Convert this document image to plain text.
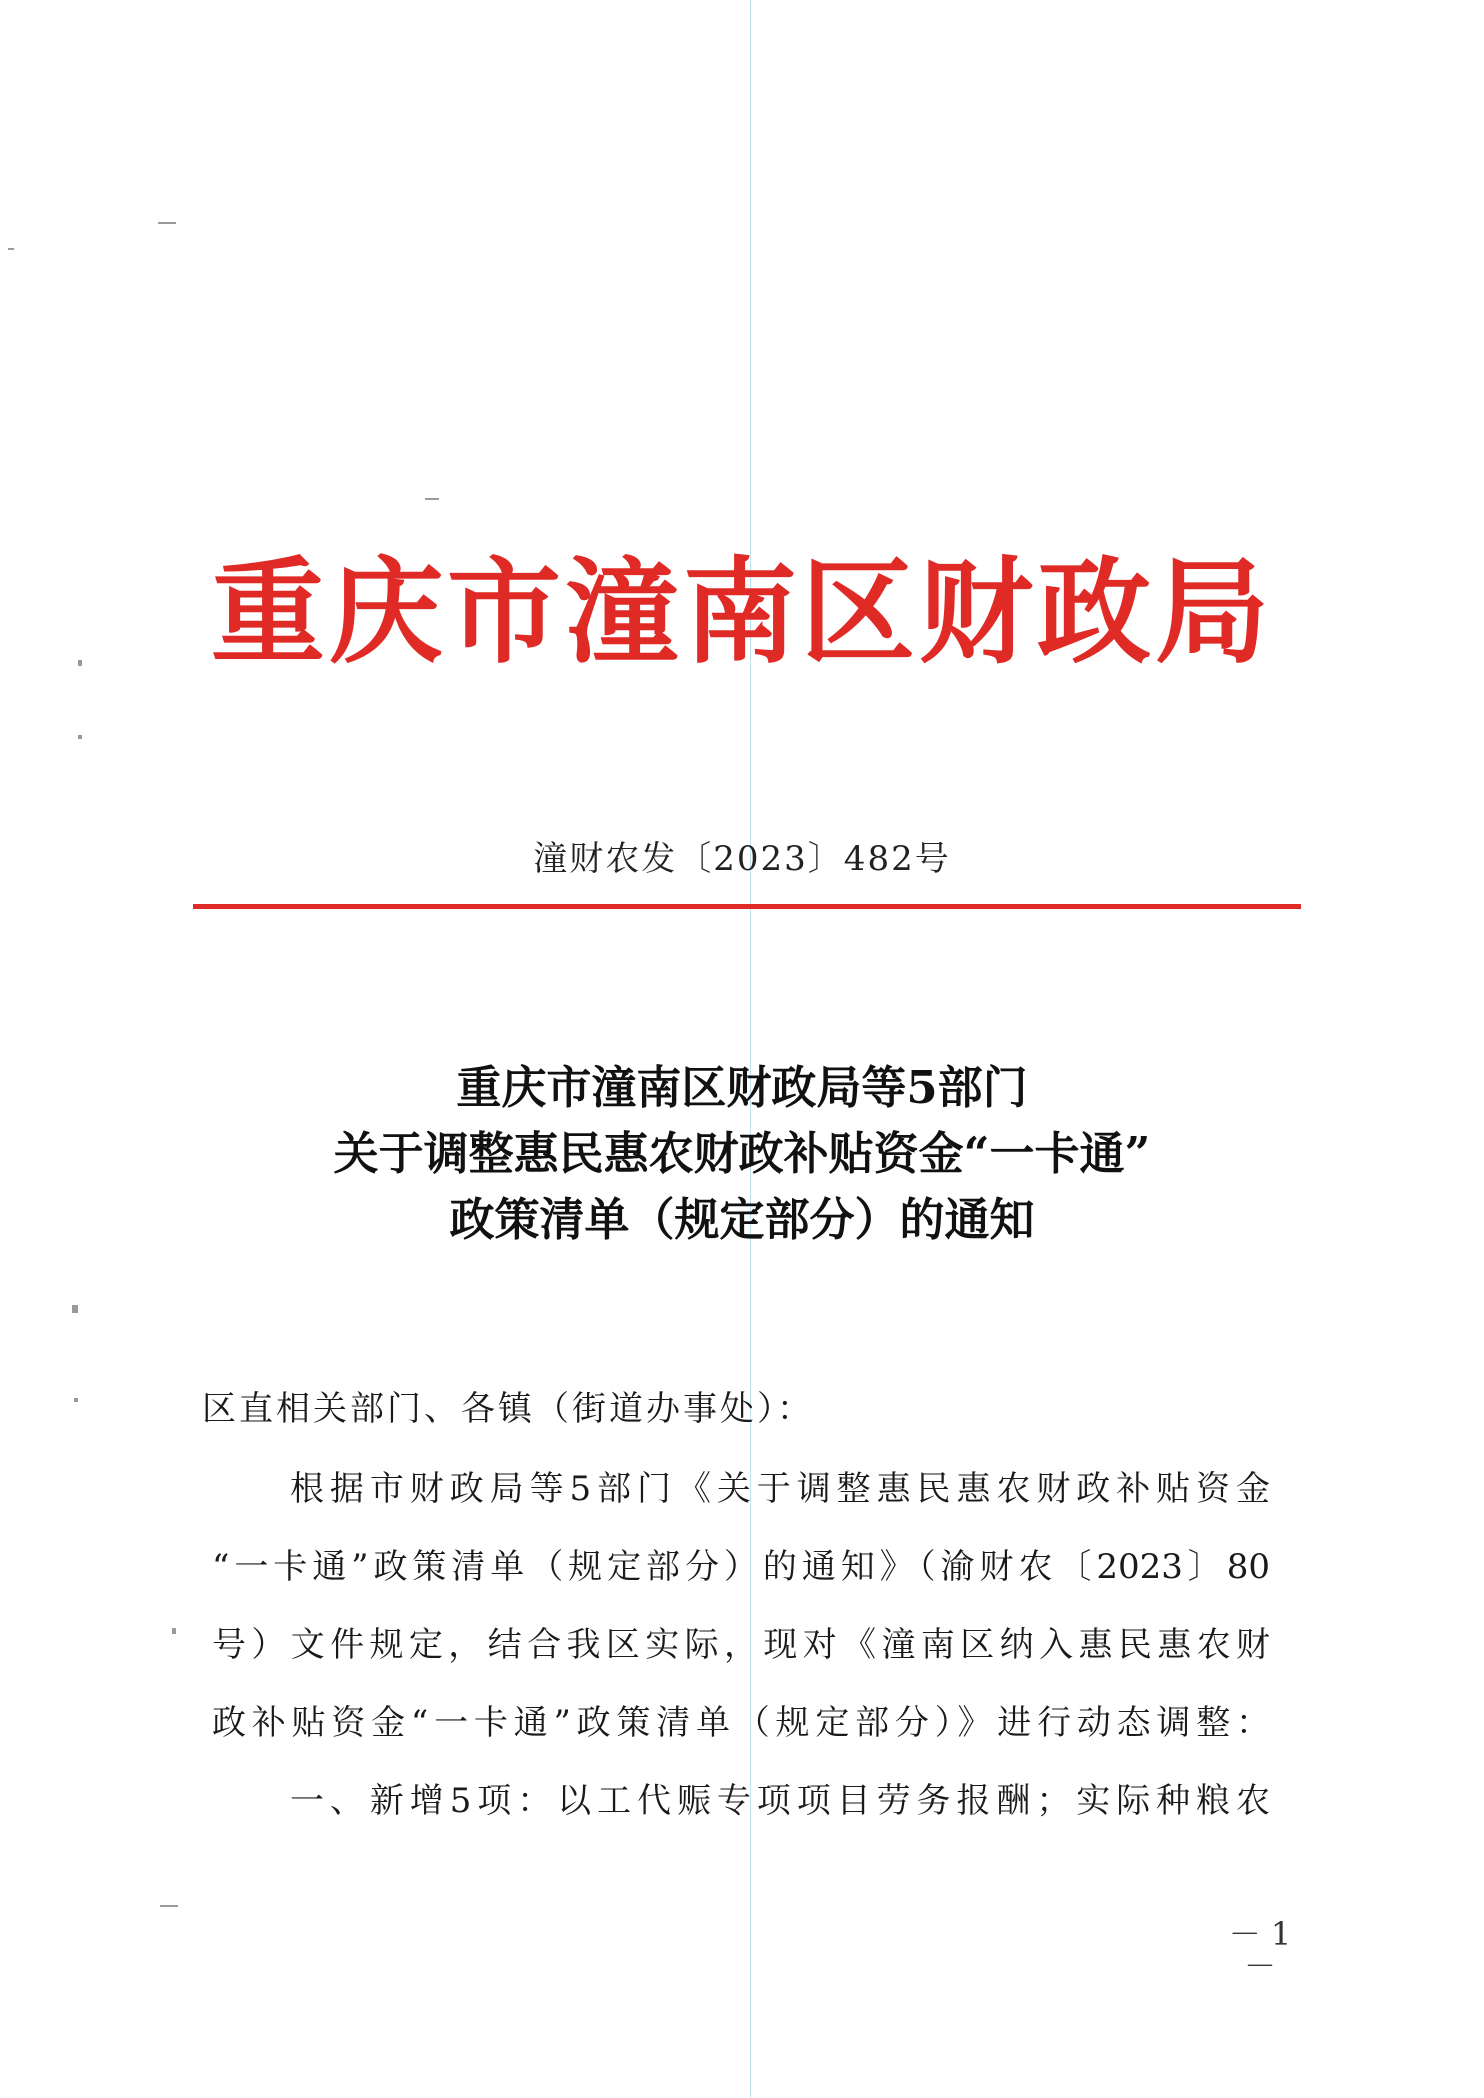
重庆市潼南区财政局
潼财农发〔2023〕482号
重庆市潼南区财政局等5部门
关于调整惠民惠农财政补贴资金“一卡通”
政策清单（规定部分）的通知
区直相关部门、各镇（街道办事处）：
根据市财政局等5部门《关于调整惠民惠农财政补贴资金
“一卡通”政策清单（规定部分）的通知》（渝财农〔2023〕80
号）文件规定，结合我区实际，现对《潼南区纳入惠民惠农财
政补贴资金“一卡通”政策清单（规定部分）》进行动态调整：
一、新增5项：以工代赈专项项目劳务报酬；实际种粮农
－ 1 －
